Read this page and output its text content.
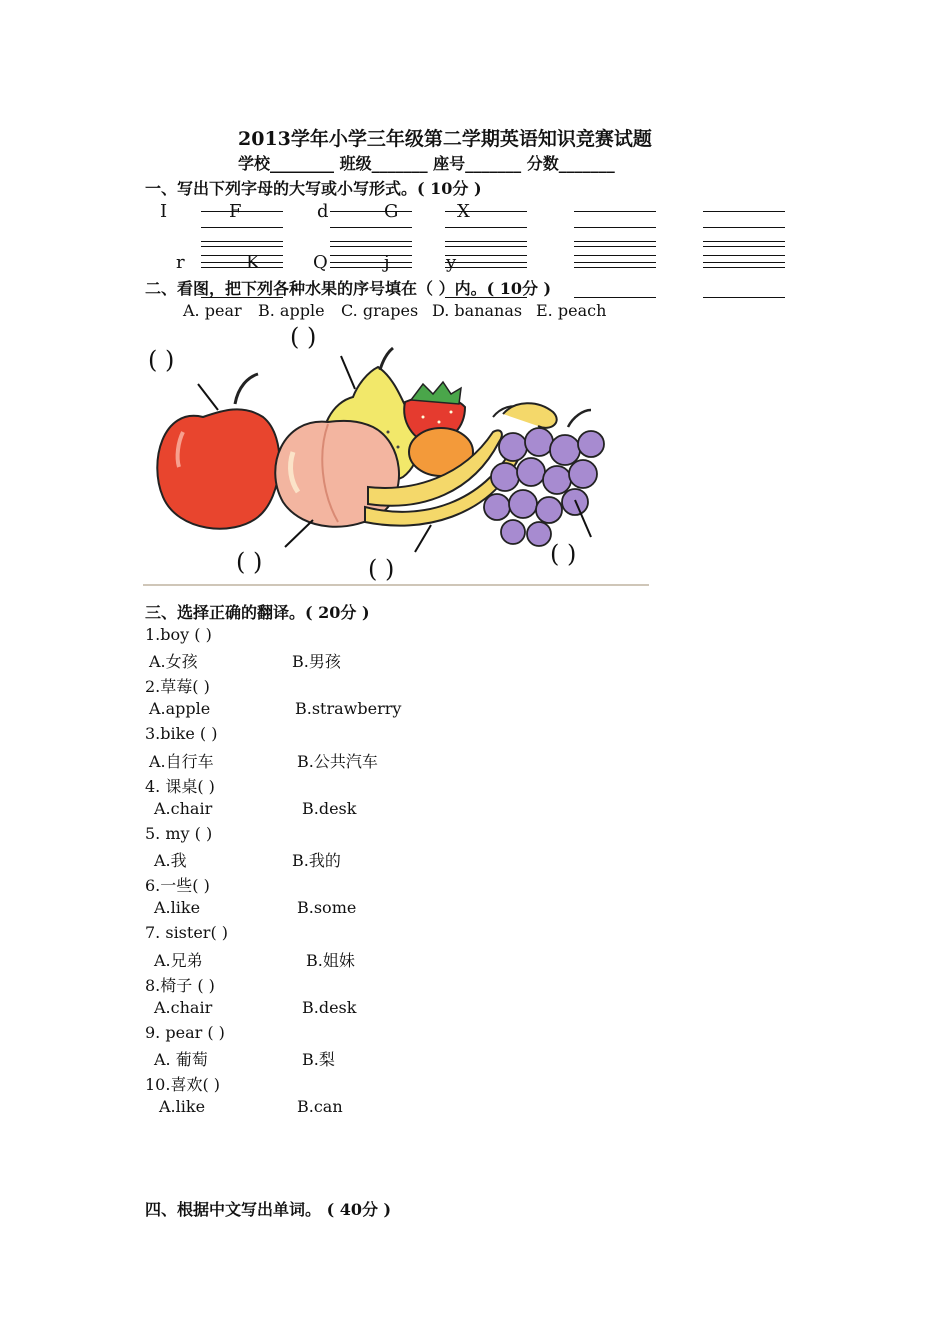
2013学年小学三年级第二学期英语知识竞赛试题
学校________ 班级_______ 座号_______ 分数_______
一、写出下列字母的大写或小写形式。( 10分 )
I	F	d	G	X
r	K	Q	j	y
二、看图，把下列各种水果的序号填在（ ）内。( 10分 )
A. pear B. apple C. grapes D. bananas E. peach
( )
( )
( )	( )
( )
三、选择正确的翻译。( 20分 )
1.boy ( )
A.女孩	B.男孩
2.草莓( )
A.apple	B.strawberry
3.bike ( )
A.自行车	B.公共汽车
4. 课桌( )
A.chair	B.desk
5. my ( )
A.我	B.我的
6.一些( )
A.like	B.some
7. sister( )
A.兄弟	B.姐妹
8.椅子 ( )
A.chair	B.desk
9. pear ( )
A. 葡萄	B.梨
10.喜欢( )
A.like	B.can
四、根据中文写出单词。 ( 40分 )
